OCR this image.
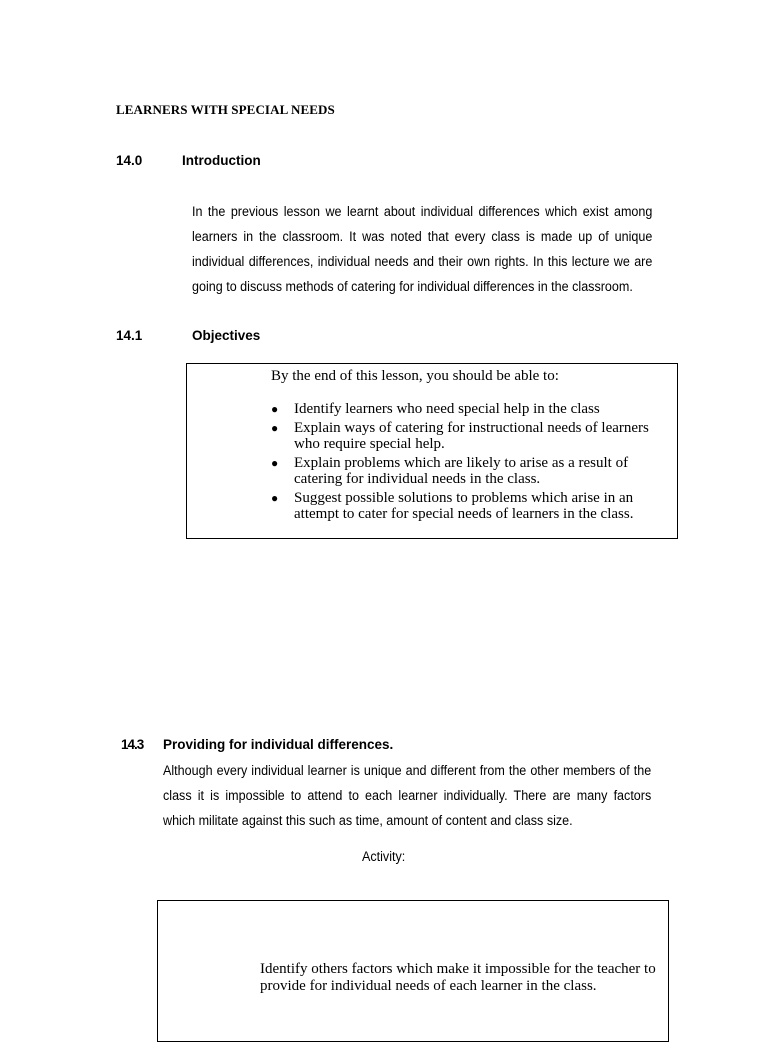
LEARNERS WITH SPECIAL NEEDS
14.0	Introduction
In the previous lesson we learnt about individual differences which exist among learners in the classroom. It was noted that every class is made up of unique individual differences, individual needs and their own rights. In this lecture we are going to discuss methods of catering for individual differences in the classroom.
14.1	Objectives
By the end of this lesson, you should be able to:
● Identify learners who need special help in the class
● Explain ways of catering for instructional needs of learners who require special help.
● Explain problems which are likely to arise as a result of catering for individual needs in the class.
● Suggest possible solutions to problems which arise in an attempt to cater for special needs of learners in the class.
14.3 Providing for individual differences.
Although every individual learner is unique and different from the other members of the class it is impossible to attend to each learner individually. There are many factors which militate against this such as time, amount of content and class size.
Activity:
Identify others factors which make it impossible for the teacher to provide for individual needs of each learner in the class.
